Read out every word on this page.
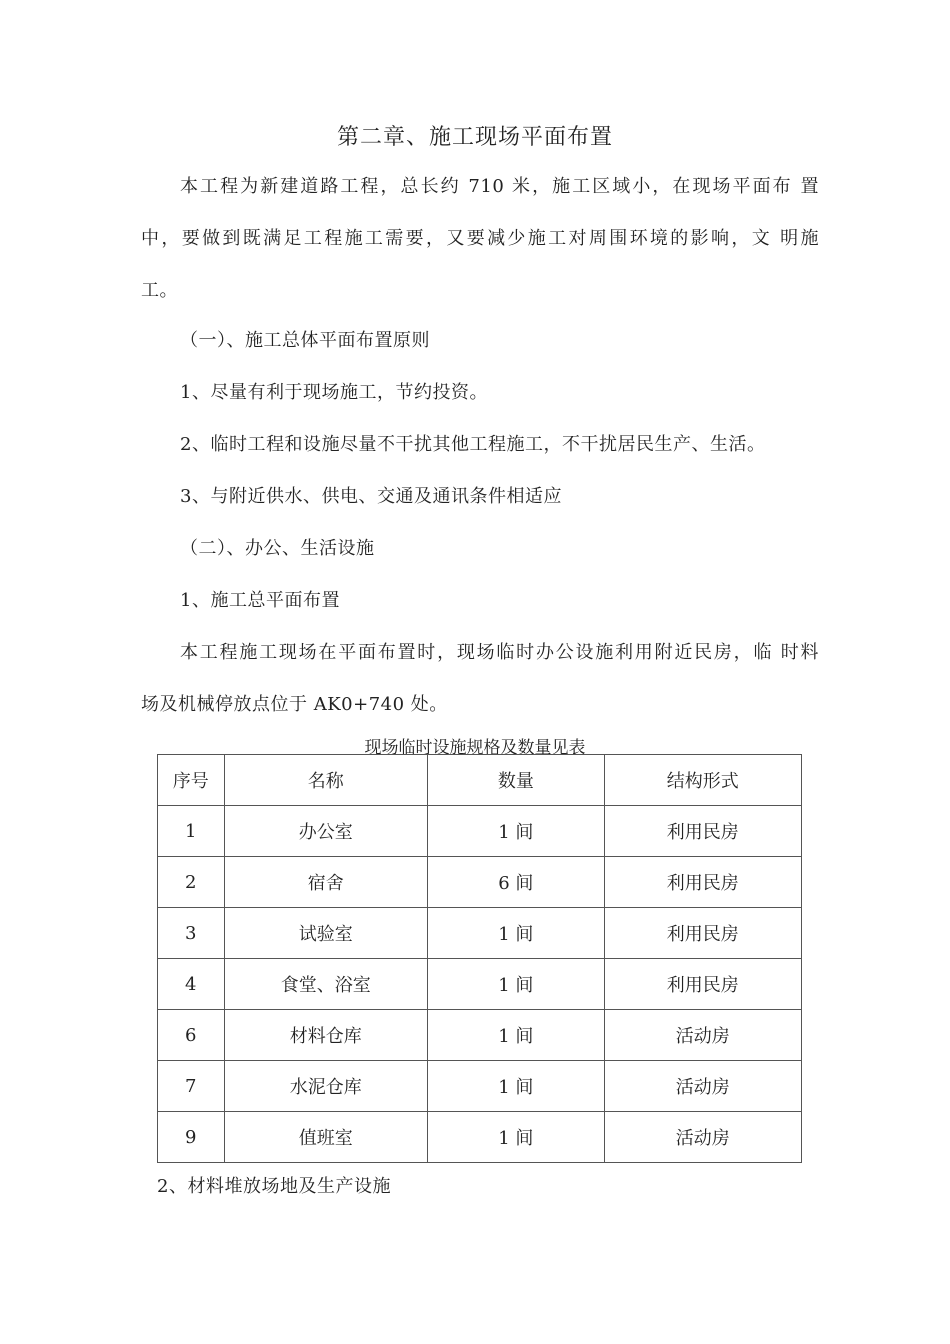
第二章、施工现场平面布置
本工程为新建道路工程，总长约 710 米，施工区域小，在现场平面布 置
中，要做到既满足工程施工需要，又要减少施工对周围环境的影响，文 明施
工。
（一）、施工总体平面布置原则
1、尽量有利于现场施工，节约投资。
2、临时工程和设施尽量不干扰其他工程施工，不干扰居民生产、生活。
3、与附近供水、供电、交通及通讯条件相适应
（二）、办公、生活设施
1、施工总平面布置
本工程施工现场在平面布置时，现场临时办公设施利用附近民房，临 时料
场及机械停放点位于 AK0+740 处。
现场临时设施规格及数量见表
序号	名称	数量	结构形式
1	办公室	1 间	利用民房
2	宿舍	6 间	利用民房
3	试验室	1 间	利用民房
4	食堂、浴室	1 间	利用民房
6	材料仓库	1 间	活动房
7	水泥仓库	1 间	活动房
9	值班室	1 间	活动房
2、材料堆放场地及生产设施
